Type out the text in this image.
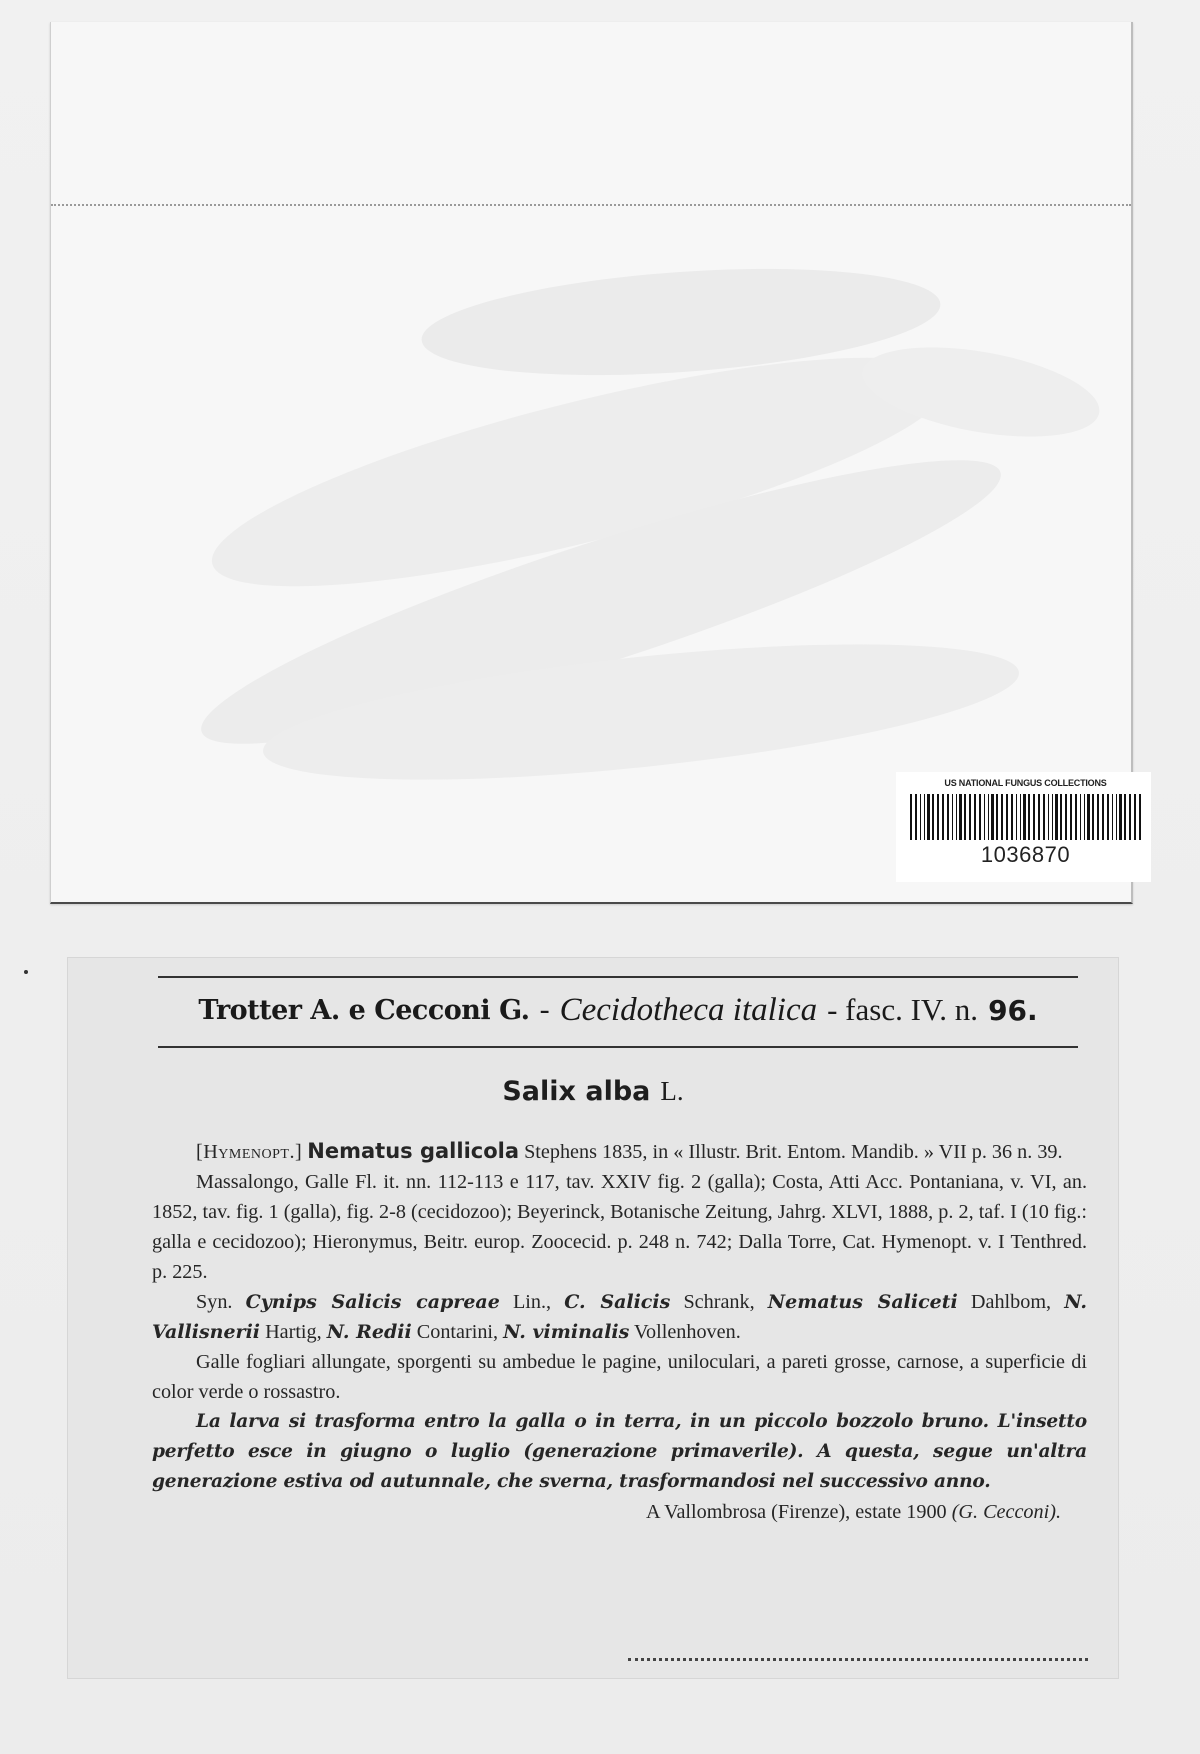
US NATIONAL FUNGUS COLLECTIONS
1036870
Trotter A. e Cecconi G. - Cecidotheca italica - fasc. IV. n. 96.
Salix alba L.

[Hymenopt.] Nematus gallicola Stephens 1835, in « Illustr. Brit. Entom. Mandib. » VII p. 36 n. 39.

Massalongo, Galle Fl. it. nn. 112-113 e 117, tav. XXIV fig. 2 (galla); Costa, Atti Acc. Pontaniana, v. VI, an. 1852, tav. fig. 1 (galla), fig. 2-8 (cecidozoo); Beyerinck, Botanische Zeitung, Jahrg. XLVI, 1888, p. 2, taf. I (10 fig.: galla e cecidozoo); Hieronymus, Beitr. europ. Zoocecid. p. 248 n. 742; Dalla Torre, Cat. Hymenopt. v. I Tenthred. p. 225.

Syn. Cynips Salicis capreae Lin., C. Salicis Schrank, Nematus Saliceti Dahlbom, N. Vallisnerii Hartig, N. Redii Contarini, N. viminalis Vollenhoven.

Galle fogliari allungate, sporgenti su ambedue le pagine, uniloculari, a pareti grosse, carnose, a superficie di color verde o rossastro.

La larva si trasforma entro la galla o in terra, in un piccolo bozzolo bruno. L'insetto perfetto esce in giugno o luglio (generazione primaverile). A questa, segue un'altra generazione estiva od autunnale, che sverna, trasformandosi nel successivo anno.

A Vallombrosa (Firenze), estate 1900 (G. Cecconi).
